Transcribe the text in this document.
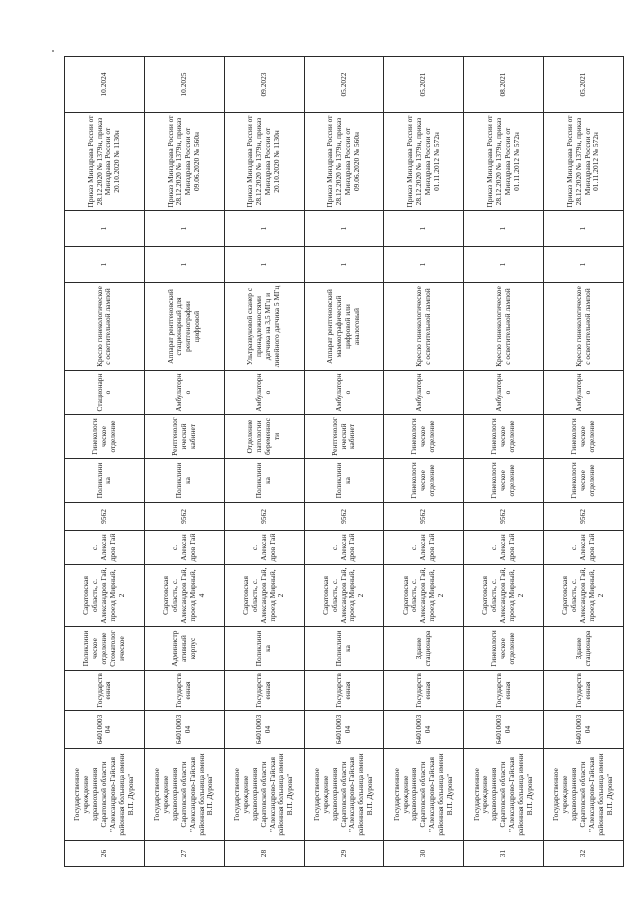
26	Государственное учреждение здравоохранения Саратовской области "Александрово-Гайская районная больница имени В.П. Дурова"	6401000304	Государственная	Поликлиническое отделение Стоматологическое	Саратовская область, с. Александров Гай, проезд Мирный, 2	с. Александров Гай	9562	Поликлиника	Гинекологическое отделение	Стационарно	Кресло гинекологическое с осветительной лампой	1	1	Приказ Минздрава России от 28.12.2020 № 1379н, приказ Минздрава России от 20.10.2020 № 1130н	10.2024
27	Государственное учреждение здравоохранения Саратовской области "Александрово-Гайская районная больница имени В.П. Дурова"	6401000304	Государственная	Административный корпус	Саратовская область, с. Александров Гай, проезд Мирный, 4	с. Александров Гай	9562	Поликлиника	Рентгенологический кабинет	Амбулаторно	Аппарат рентгеновский стационарный для рентгенографии цифровой	1	1	Приказ Минздрава России от 28.12.2020 № 1379н, приказ Минздрава России от 09.06.2020 № 560н	10.2025
28	Государственное учреждение здравоохранения Саратовской области "Александрово-Гайская районная больница имени В.П. Дурова"	6401000304	Государственная	Поликлиника	Саратовская область, с. Александров Гай, проезд Мирный, 2	с. Александров Гай	9562	Поликлиника	Отделение патологии беременности	Амбулаторно	Ультразвуковой сканер с принадлежностями датчика на 3,5 МГц и линейного датчика 5 МГц	1	1	Приказ Минздрава России от 28.12.2020 № 1379н, приказ Минздрава России от 20.10.2020 № 1130н	09.2023
29	Государственное учреждение здравоохранения Саратовской области "Александрово-Гайская районная больница имени В.П. Дурова"	6401000304	Государственная	Поликлиника	Саратовская область, с. Александров Гай, проезд Мирный, 2	с. Александров Гай	9562	Поликлиника	Рентгенологический кабинет	Амбулаторно	Аппарат рентгеновский маммографический цифровой или аналоговый	1	1	Приказ Минздрава России от 28.12.2020 № 1379н, приказ Минздрава России от 09.06.2020 № 560н	05.2022
30	Государственное учреждение здравоохранения Саратовской области "Александрово-Гайская районная больница имени В.П. Дурова"	6401000304	Государственная	Здание стационара	Саратовская область, с. Александров Гай, проезд Мирный, 2	с. Александров Гай	9562	Гинекологическое отделение	Гинекологическое отделение	Амбулаторно	Кресло гинекологическое с осветительной лампой	1	1	Приказ Минздрава России от 28.12.2020 № 1379н, приказ Минздрава России от 01.11.2012 № 572н	05.2021
31	Государственное учреждение здравоохранения Саратовской области "Александрово-Гайская районная больница имени В.П. Дурова"	6401000304	Государственная	Гинекологическое отделение	Саратовская область, с. Александров Гай, проезд Мирный, 2	с. Александров Гай	9562	Гинекологическое отделение	Гинекологическое отделение	Амбулаторно	Кресло гинекологическое с осветительной лампой	1	1	Приказ Минздрава России от 28.12.2020 № 1379н, приказ Минздрава России от 01.11.2012 № 572н	08.2021
32	Государственное учреждение здравоохранения Саратовской области "Александрово-Гайская районная больница имени В.П. Дурова"	6401000304	Государственная	Здание стационара	Саратовская область, с. Александров Гай, проезд Мирный, 2	с. Александров Гай	9562	Гинекологическое отделение	Гинекологическое отделение	Амбулаторно	Кресло гинекологическое с осветительной лампой	1	1	Приказ Минздрава России от 28.12.2020 № 1379н, приказ Минздрава России от 01.11.2012 № 572н	05.2021
